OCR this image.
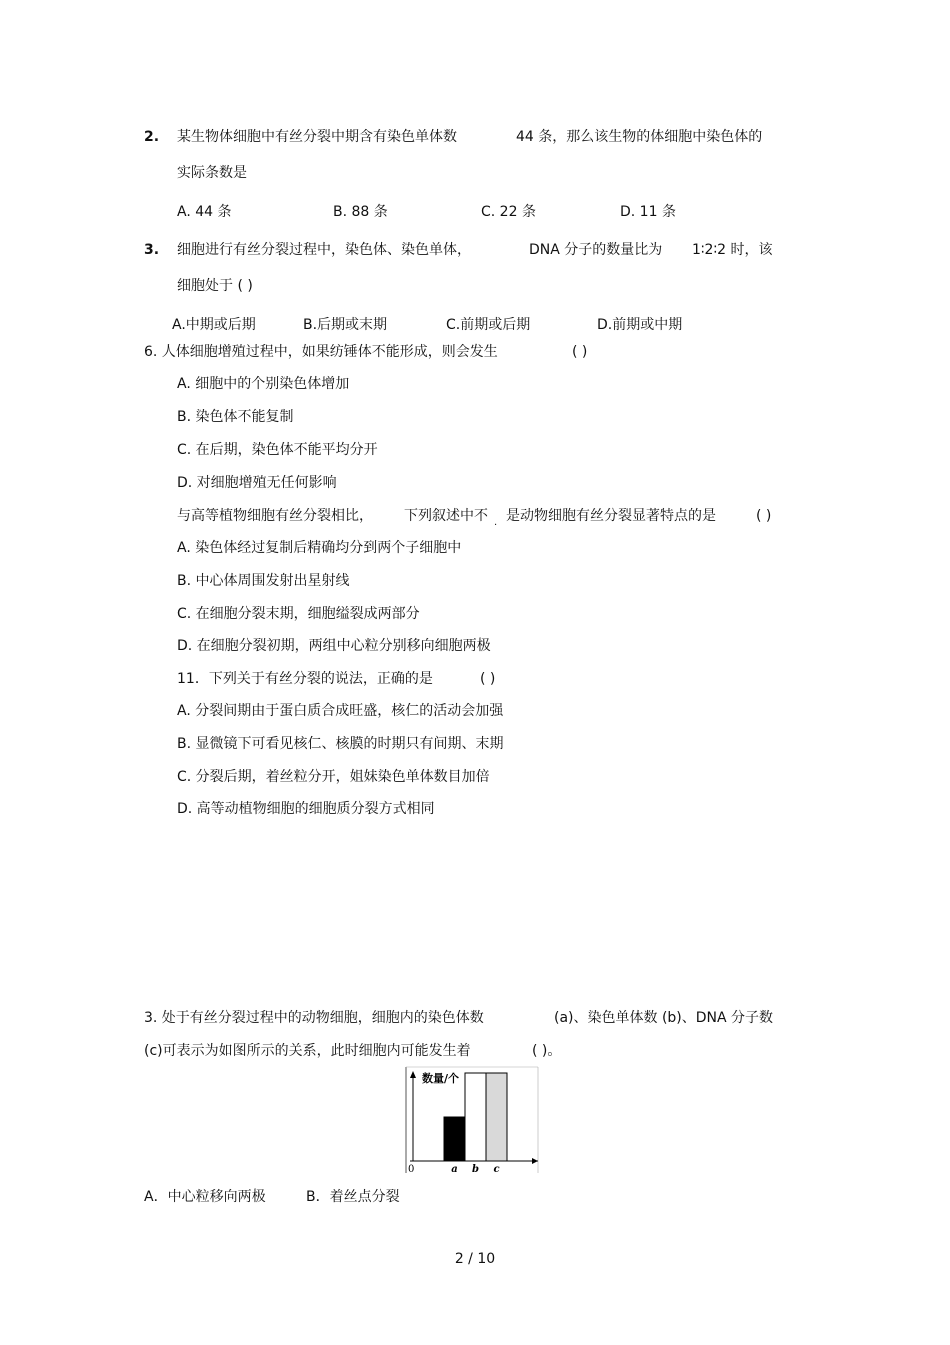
2. 某生物体细胞中有丝分裂中期含有染色单体数	44 条，那么该生物的体细胞中染色体的
实际条数是
A. 44 条	B. 88 条	C. 22 条	D. 11 条
3. 细胞进行有丝分裂过程中，染色体、染色单体，	DNA 分子的数量比为 1∶2∶2 时，该
细胞处于 ( )
A.中期或后期	B.后期或末期	C.前期或后期	D.前期或中期
6. 人体细胞增殖过程中，如果纺锤体不能形成，则会发生	( )
A. 细胞中的个别染色体增加
B. 染色体不能复制
C. 在后期，染色体不能平均分开
D. 对细胞增殖无任何影响
与高等植物细胞有丝分裂相比， 下列叙述中不
·
是动物细胞有丝分裂显著特点的是	( )
A. 染色体经过复制后精确均分到两个子细胞中
B. 中心体周围发射出星射线
C. 在细胞分裂末期，细胞缢裂成两部分
D. 在细胞分裂初期，两组中心粒分别移向细胞两极
11．下列关于有丝分裂的说法，正确的是	( )
A. 分裂间期由于蛋白质合成旺盛，核仁的活动会加强
B. 显微镜下可看见核仁、核膜的时期只有间期、末期
C. 分裂后期，着丝粒分开，姐妹染色单体数目加倍
D. 高等动植物细胞的细胞质分裂方式相同
3. 处于有丝分裂过程中的动物细胞，细胞内的染色体数	(a)、染色单体数 (b)、DNA 分子数
(c)可表示为如图所示的关系，此时细胞内可能发生着	( )。
数量/个
0	a b c
A．中心粒移向两极	B．着丝点分裂
2 / 10
